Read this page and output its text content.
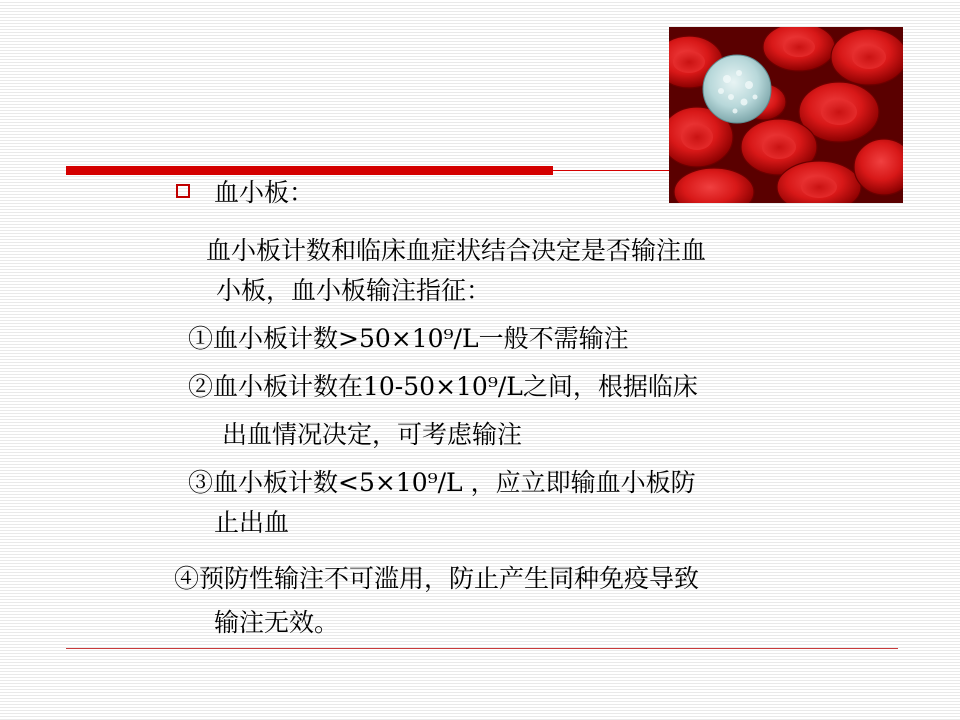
血小板：
血小板计数和临床血症状结合决定是否输注血
小板，血小板输注指征：
①血小板计数>50×10⁹/L一般不需输注
②血小板计数在10-50×10⁹/L之间，根据临床
出血情况决定，可考虑输注
③血小板计数<5×10⁹/L ，应立即输血小板防
止出血
④预防性输注不可滥用，防止产生同种免疫导致
输注无效。
